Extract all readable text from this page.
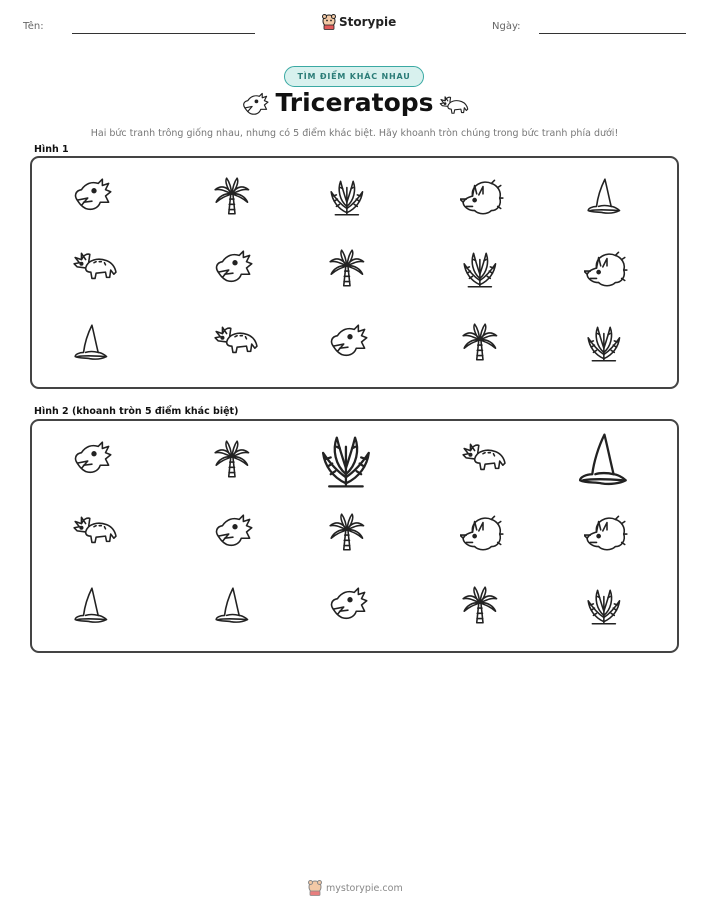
Tên:	Storypie	Ngày:
TÌM ĐIỂM KHÁC NHAU
Triceratops
Hai bức tranh trông giống nhau, nhưng có 5 điểm khác biệt. Hãy khoanh tròn chúng trong bức tranh phía dưới!
Hình 1
Hình 2 (khoanh tròn 5 điểm khác biệt)
mystorypie.com
